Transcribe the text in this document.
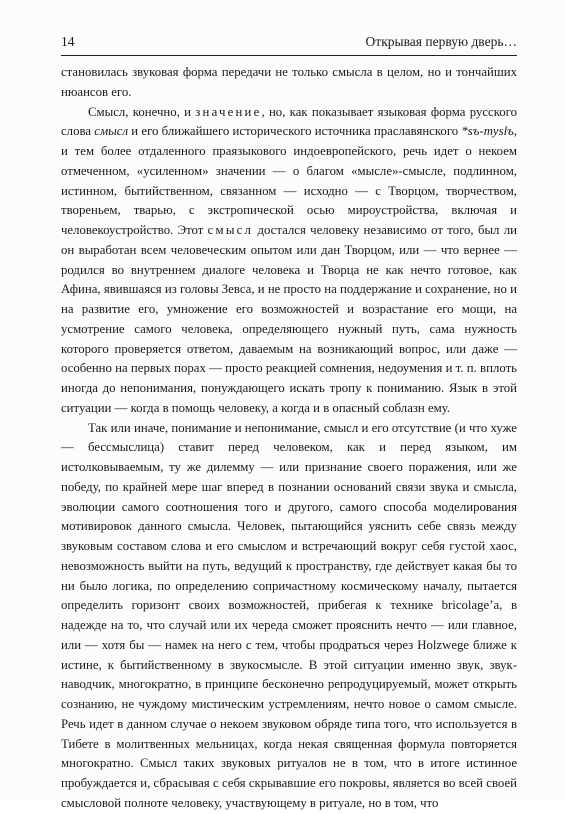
14	Открывая первую дверь…

становилась звуковая форма передачи не только смысла в целом, но и тончайших нюансов его.

Смысл, конечно, и значение, но, как показывает языковая форма русского слова смысл и его ближайшего исторического источника праславянского *sъ-myslъ, и тем более отдаленного праязыкового индоевропейского, речь идет о некоем отмеченном, «усиленном» значении — о благом «мысле»-смысле, подлинном, истинном, бытийственном, связанном — исходно — с Творцом, творчеством, твореньем, тварью, с экстропической осью мироустройства, включая и человекоустройство. Этот смысл достался человеку независимо от того, был ли он выработан всем человеческим опытом или дан Творцом, или — что вернее — родился во внутреннем диалоге человека и Творца не как нечто готовое, как Афина, явившаяся из головы Зевса, и не просто на поддержание и сохранение, но и на развитие его, умножение его возможностей и возрастание его мощи, на усмотрение самого человека, определяющего нужный путь, сама нужность которого проверяется ответом, даваемым на возникающий вопрос, или даже — особенно на первых порах — просто реакцией сомнения, недоумения и т. п. вплоть иногда до непонимания, понуждающего искать тропу к пониманию. Язык в этой ситуации — когда в помощь человеку, а когда и в опасный соблазн ему.

Так или иначе, понимание и непонимание, смысл и его отсутствие (и что хуже — бессмыслица) ставит перед человеком, как и перед языком, им истолковываемым, ту же дилемму — или признание своего поражения, или же победу, по крайней мере шаг вперед в познании оснований связи звука и смысла, эволюции самого соотношения того и другого, самого способа моделирования мотивировок данного смысла. Человек, пытающийся уяснить себе связь между звуковым составом слова и его смыслом и встречающий вокруг себя густой хаос, невозможность выйти на путь, ведущий к пространству, где действует какая бы то ни было логика, по определению сопричастному космическому началу, пытается определить горизонт своих возможностей, прибегая к технике bricolage’а, в надежде на то, что случай или их череда сможет прояснить нечто — или главное, или — хотя бы — намек на него с тем, чтобы продраться через Holzwege ближе к истине, к бытийственному в звукосмысле. В этой ситуации именно звук, звук-наводчик, многократно, в принципе бесконечно репродуцируемый, может открыть сознанию, не чуждому мистическим устремлениям, нечто новое о самом смысле. Речь идет в данном случае о некоем звуковом обряде типа того, что используется в Тибете в молитвенных мельницах, когда некая священная формула повторяется многократно. Смысл таких звуковых ритуалов не в том, что в итоге истинное пробуждается и, сбрасывая с себя скрывавшие его покровы, является во всей своей смысловой полноте человеку, участвующему в ритуале, но в том, что
